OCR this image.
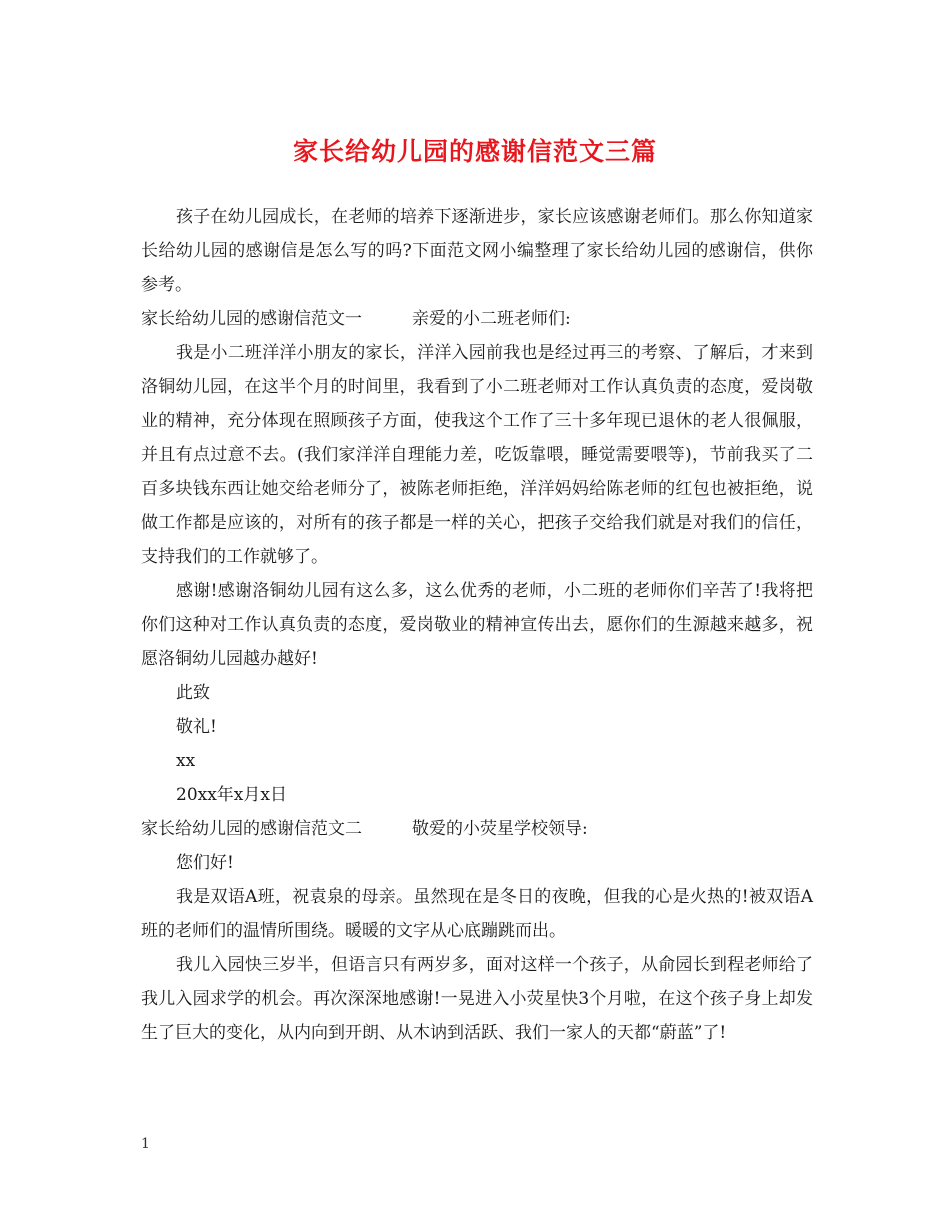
家长给幼儿园的感谢信范文三篇

孩子在幼儿园成长，在老师的培养下逐渐进步，家长应该感谢老师们。那么你知道家长给幼儿园的感谢信是怎么写的吗?下面范文网小编整理了家长给幼儿园的感谢信，供你参考。

家长给幼儿园的感谢信范文一	亲爱的小二班老师们:

我是小二班洋洋小朋友的家长，洋洋入园前我也是经过再三的考察、了解后，才来到洛铜幼儿园，在这半个月的时间里，我看到了小二班老师对工作认真负责的态度，爱岗敬业的精神，充分体现在照顾孩子方面，使我这个工作了三十多年现已退休的老人很佩服，并且有点过意不去。(我们家洋洋自理能力差，吃饭靠喂，睡觉需要喂等)，节前我买了二百多块钱东西让她交给老师分了，被陈老师拒绝，洋洋妈妈给陈老师的红包也被拒绝，说做工作都是应该的，对所有的孩子都是一样的关心，把孩子交给我们就是对我们的信任，支持我们的工作就够了。

感谢!感谢洛铜幼儿园有这么多，这么优秀的老师，小二班的老师你们辛苦了!我将把你们这种对工作认真负责的态度，爱岗敬业的精神宣传出去，愿你们的生源越来越多，祝愿洛铜幼儿园越办越好!

此致

敬礼!

xx

20xx年x月x日

家长给幼儿园的感谢信范文二	敬爱的小荧星学校领导:

您们好!

我是双语A班，祝袁泉的母亲。虽然现在是冬日的夜晚，但我的心是火热的!被双语A班的老师们的温情所围绕。暖暖的文字从心底蹦跳而出。

我儿入园快三岁半，但语言只有两岁多，面对这样一个孩子，从俞园长到程老师给了我儿入园求学的机会。再次深深地感谢!一晃进入小荧星快3个月啦，在这个孩子身上却发生了巨大的变化，从内向到开朗、从木讷到活跃、我们一家人的天都“蔚蓝”了!

1
